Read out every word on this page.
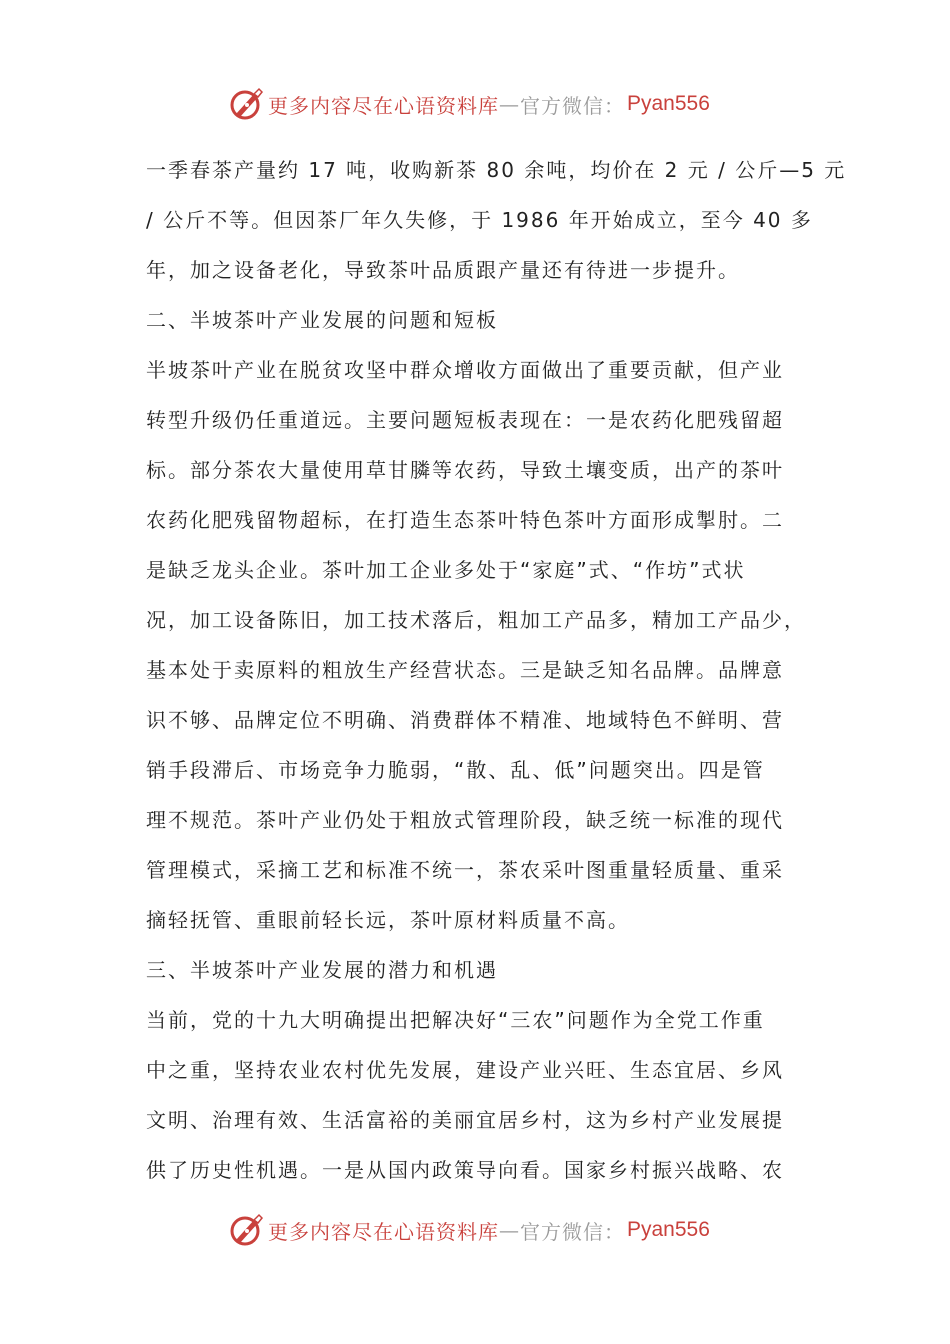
更多内容尽在心语资料库 — 官方微信： Pyan556
一季春茶产量约 17 吨，收购新茶 80 余吨，均价在 2 元 / 公斤—5 元
/ 公斤不等。但因茶厂年久失修，于 1986 年开始成立，至今 40 多
年，加之设备老化，导致茶叶品质跟产量还有待进一步提升。
二、半坡茶叶产业发展的问题和短板
半坡茶叶产业在脱贫攻坚中群众增收方面做出了重要贡献，但产业
转型升级仍任重道远。主要问题短板表现在：一是农药化肥残留超
标。部分茶农大量使用草甘膦等农药，导致土壤变质，出产的茶叶
农药化肥残留物超标，在打造生态茶叶特色茶叶方面形成掣肘。二
是缺乏龙头企业。茶叶加工企业多处于“家庭”式、“作坊”式状
况，加工设备陈旧，加工技术落后，粗加工产品多，精加工产品少，
基本处于卖原料的粗放生产经营状态。三是缺乏知名品牌。品牌意
识不够、品牌定位不明确、消费群体不精准、地域特色不鲜明、营
销手段滞后、市场竞争力脆弱，“散、乱、低”问题突出。四是管
理不规范。茶叶产业仍处于粗放式管理阶段，缺乏统一标准的现代
管理模式，采摘工艺和标准不统一，茶农采叶图重量轻质量、重采
摘轻抚管、重眼前轻长远，茶叶原材料质量不高。
三、半坡茶叶产业发展的潜力和机遇
当前，党的十九大明确提出把解决好“三农”问题作为全党工作重
中之重，坚持农业农村优先发展，建设产业兴旺、生态宜居、乡风
文明、治理有效、生活富裕的美丽宜居乡村，这为乡村产业发展提
供了历史性机遇。一是从国内政策导向看。国家乡村振兴战略、农
更多内容尽在心语资料库 — 官方微信： Pyan556
